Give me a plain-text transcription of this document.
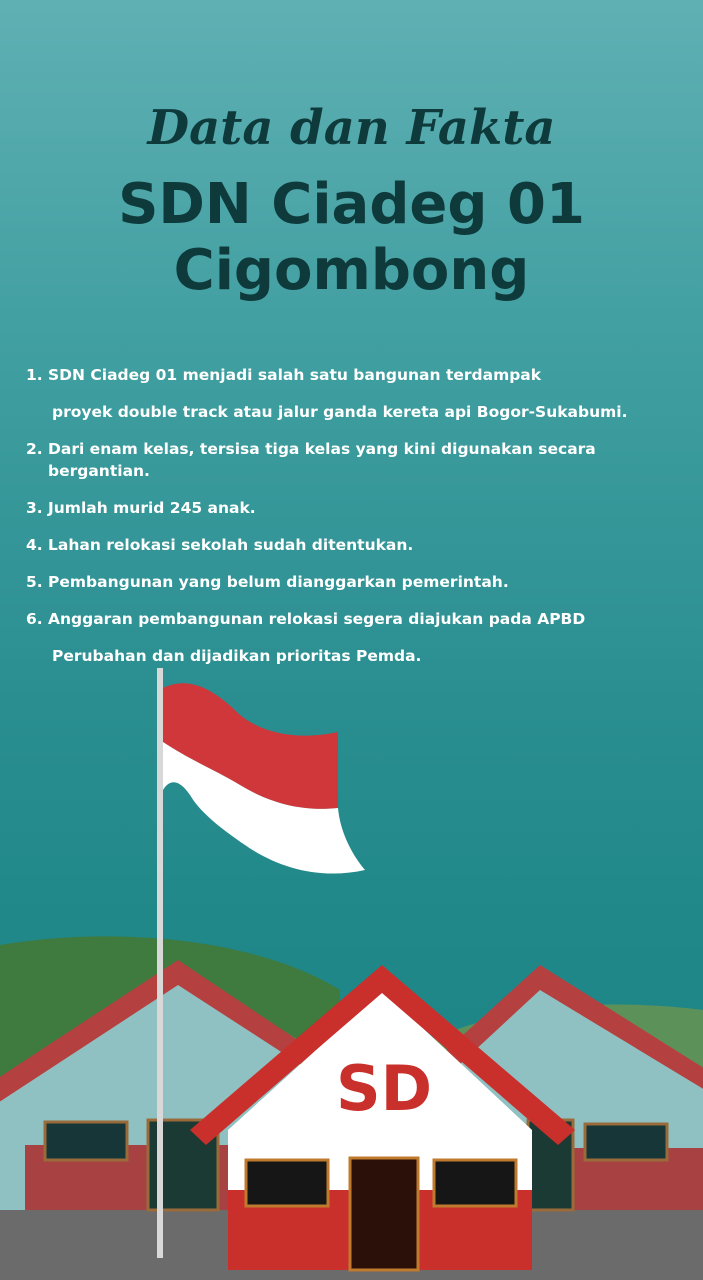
Data dan Fakta
SDN Ciadeg 01
Cigombong
1. SDN Ciadeg 01 menjadi salah satu bangunan terdampak
proyek double track atau jalur ganda kereta api Bogor-Sukabumi.
2. Dari enam kelas, tersisa tiga kelas yang kini digunakan secara bergantian.
3. Jumlah murid 245 anak.
4. Lahan relokasi sekolah sudah ditentukan.
5. Pembangunan yang belum dianggarkan pemerintah.
6. Anggaran pembangunan relokasi segera diajukan pada APBD
Perubahan dan dijadikan prioritas Pemda.
SD
